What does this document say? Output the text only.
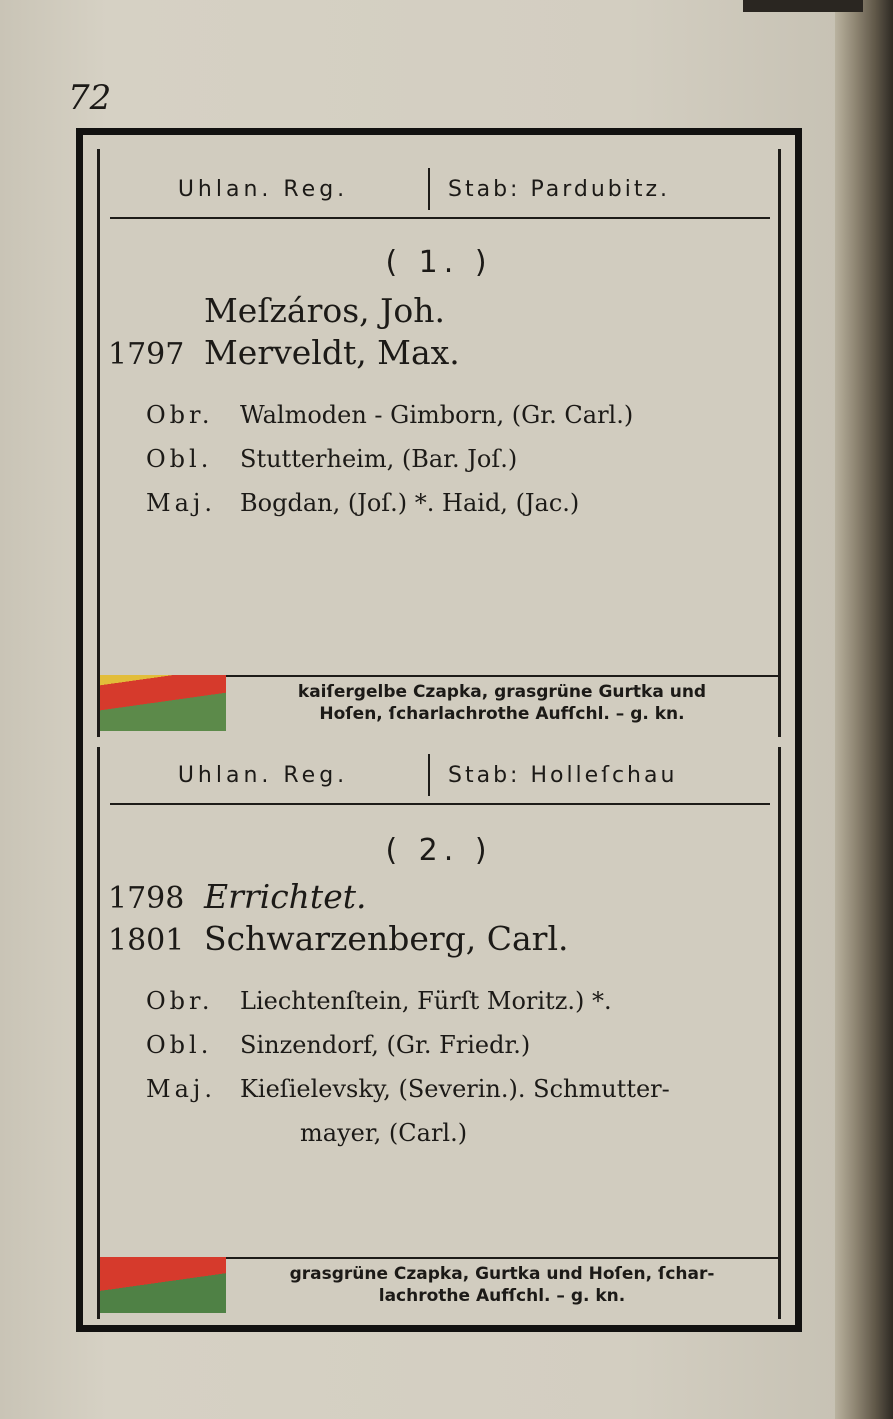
72
Uhlan. Reg.	Stab: Pardubitz.
( 1. )
Meſzáros, Joh.
1797 Merveldt, Max.
Obr. Walmoden - Gimborn, (Gr. Carl.)
Obl. Stutterheim, (Bar. Joſ.)
Maj. Bogdan, (Joſ.) *. Haid, (Jac.)
kaiſergelbe Czapka, grasgrüne Gurtka und
Hoſen, ſcharlachrothe Aufſchl. – g. kn.
Uhlan. Reg.	Stab: Holleſchau
( 2. )
1798 Errichtet.
1801 Schwarzenberg, Carl.
Obr. Liechtenſtein, Fürſt Moritz.) *.
Obl. Sinzendorf, (Gr. Friedr.)
Maj. Kieſielevsky, (Severin.). Schmutter-
mayer, (Carl.)
grasgrüne Czapka, Gurtka und Hoſen, ſchar-
lachrothe Aufſchl. – g. kn.
